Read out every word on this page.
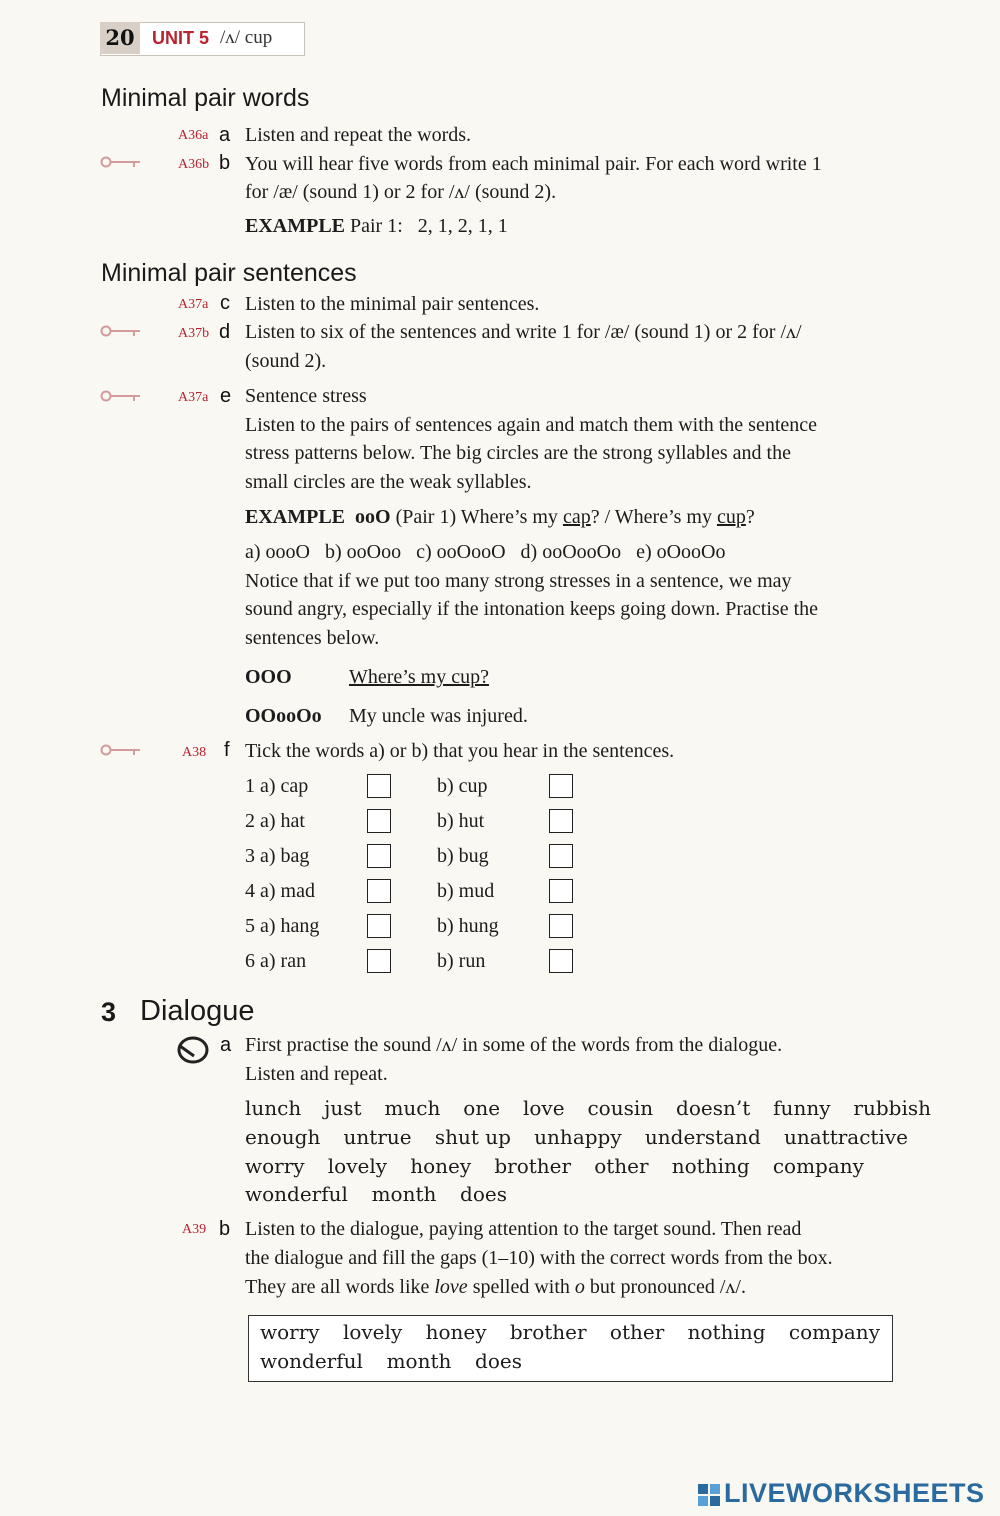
20 UNIT 5 /ʌ/ cup
Minimal pair words
A36a a Listen and repeat the words.
A36b b You will hear five words from each minimal pair. For each word write 1
for /æ/ (sound 1) or 2 for /ʌ/ (sound 2).
EXAMPLE Pair 1: 2, 1, 2, 1, 1
Minimal pair sentences
A37a c Listen to the minimal pair sentences.
A37b d Listen to six of the sentences and write 1 for /æ/ (sound 1) or 2 for /ʌ/
(sound 2).
A37a e Sentence stress
Listen to the pairs of sentences again and match them with the sentence
stress patterns below. The big circles are the strong syllables and the
small circles are the weak syllables.
EXAMPLE ooO (Pair 1) Where’s my cap? / Where’s my cup?
a) oooO b) ooOoo c) ooOooO d) ooOooOo e) oOooOo
Notice that if we put too many strong stresses in a sentence, we may
sound angry, especially if the intonation keeps going down. Practise the
sentences below.
OOO	Where’s my cup?
OOooOo My uncle was injured.
A38 f Tick the words a) or b) that you hear in the sentences.
1 a) cap	b) cup
2 a) hat	b) hut
3 a) bag	b) bug
4 a) mad	b) mud
5 a) hang	b) hung
6 a) ran	b) run
3 Dialogue
a First practise the sound /ʌ/ in some of the words from the dialogue.
Listen and repeat.
lunch just much one love cousin doesn’t funny rubbish
enough untrue shut up unhappy understand unattractive
worry lovely honey brother other nothing company
wonderful month does
A39 b Listen to the dialogue, paying attention to the target sound. Then read
the dialogue and fill the gaps (1–10) with the correct words from the box.
They are all words like love spelled with o but pronounced /ʌ/.
worry lovely honey brother other nothing company
wonderful month does
LIVEWORKSHEETS
